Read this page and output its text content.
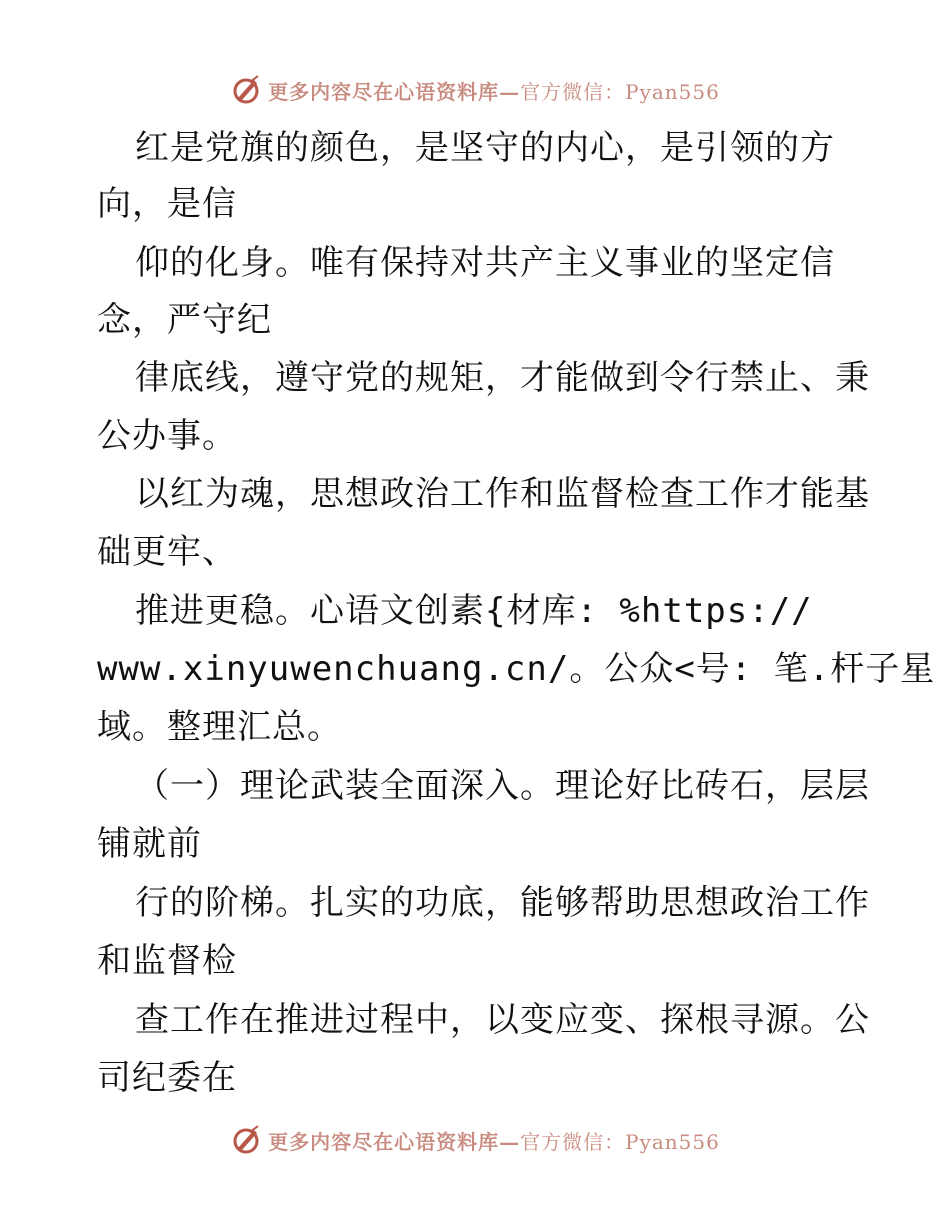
更多内容尽在心语资料库—官方微信：Pyan556
红是党旗的颜色，是坚守的内心，是引领的方
向，是信
仰的化身。唯有保持对共产主义事业的坚定信
念，严守纪
律底线，遵守党的规矩，才能做到令行禁止、秉
公办事。
以红为魂，思想政治工作和监督检查工作才能基
础更牢、
推进更稳。心语文创素{材库: %https://
www.xinyuwenchuang.cn/。公众<号: 笔.杆子星
域。整理汇总。
（一）理论武装全面深入。理论好比砖石，层层
铺就前
行的阶梯。扎实的功底，能够帮助思想政治工作
和监督检
查工作在推进过程中，以变应变、探根寻源。公
司纪委在
更多内容尽在心语资料库—官方微信：Pyan556
